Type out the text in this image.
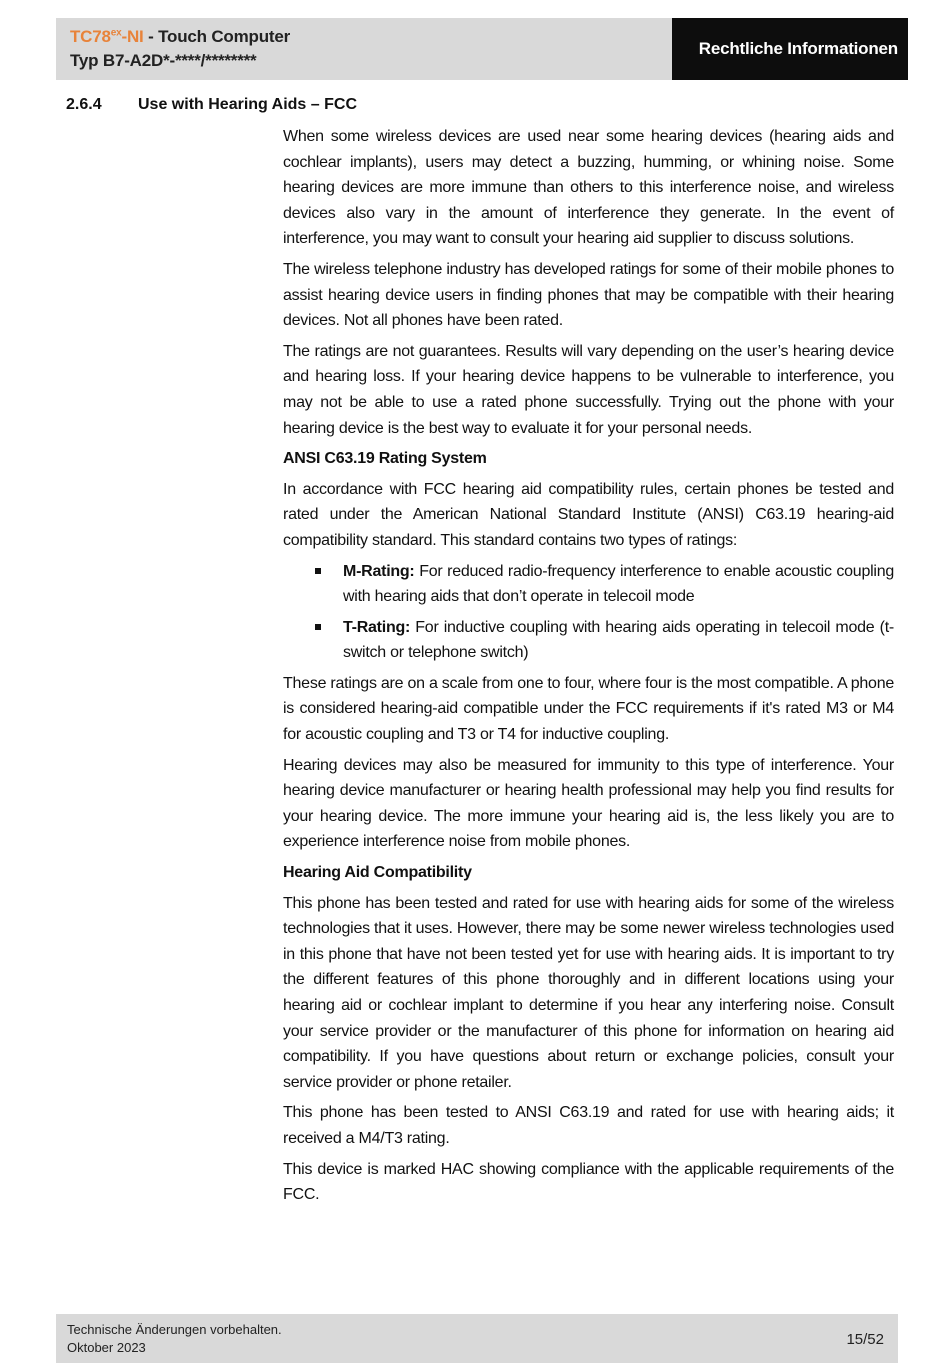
$TC78^{ex}-NI$ - Touch Computer
Typ B7-A2D*-****/********
Rechtliche Informationen
2.6.4 Use with Hearing Aids – FCC

When some wireless devices are used near some hearing devices (hearing aids and cochlear implants), users may detect a buzzing, humming, or whining noise. Some hearing devices are more immune than others to this interference noise, and wireless devices also vary in the amount of interference they generate. In the event of interference, you may want to consult your hearing aid supplier to discuss solutions.

The wireless telephone industry has developed ratings for some of their mobile phones to assist hearing device users in finding phones that may be compatible with their hearing devices. Not all phones have been rated.

The ratings are not guarantees. Results will vary depending on the user’s hearing device and hearing loss. If your hearing device happens to be vulnerable to interference, you may not be able to use a rated phone successfully. Trying out the phone with your hearing device is the best way to evaluate it for your personal needs.

ANSI C63.19 Rating System

In accordance with FCC hearing aid compatibility rules, certain phones be tested and rated under the American National Standard Institute (ANSI) C63.19 hearing-aid compatibility standard. This standard contains two types of ratings:

M-Rating: For reduced radio-frequency interference to enable acoustic coupling with hearing aids that don’t operate in telecoil mode
T-Rating: For inductive coupling with hearing aids operating in telecoil mode (t-switch or telephone switch)

These ratings are on a scale from one to four, where four is the most compatible. A phone is considered hearing-aid compatible under the FCC requirements if it's rated M3 or M4 for acoustic coupling and T3 or T4 for inductive coupling.

Hearing devices may also be measured for immunity to this type of interference. Your hearing device manufacturer or hearing health professional may help you find results for your hearing device. The more immune your hearing aid is, the less likely you are to experience interference noise from mobile phones.

Hearing Aid Compatibility

This phone has been tested and rated for use with hearing aids for some of the wireless technologies that it uses. However, there may be some newer wireless technologies used in this phone that have not been tested yet for use with hearing aids. It is important to try the different features of this phone thoroughly and in different locations using your hearing aid or cochlear implant to determine if you hear any interfering noise. Consult your service provider or the manufacturer of this phone for information on hearing aid compatibility. If you have questions about return or exchange policies, consult your service provider or phone retailer.

This phone has been tested to ANSI C63.19 and rated for use with hearing aids; it received a M4/T3 rating.

This device is marked HAC showing compliance with the applicable requirements of the FCC.

Technische Änderungen vorbehalten.
Oktober 2023	15/52
